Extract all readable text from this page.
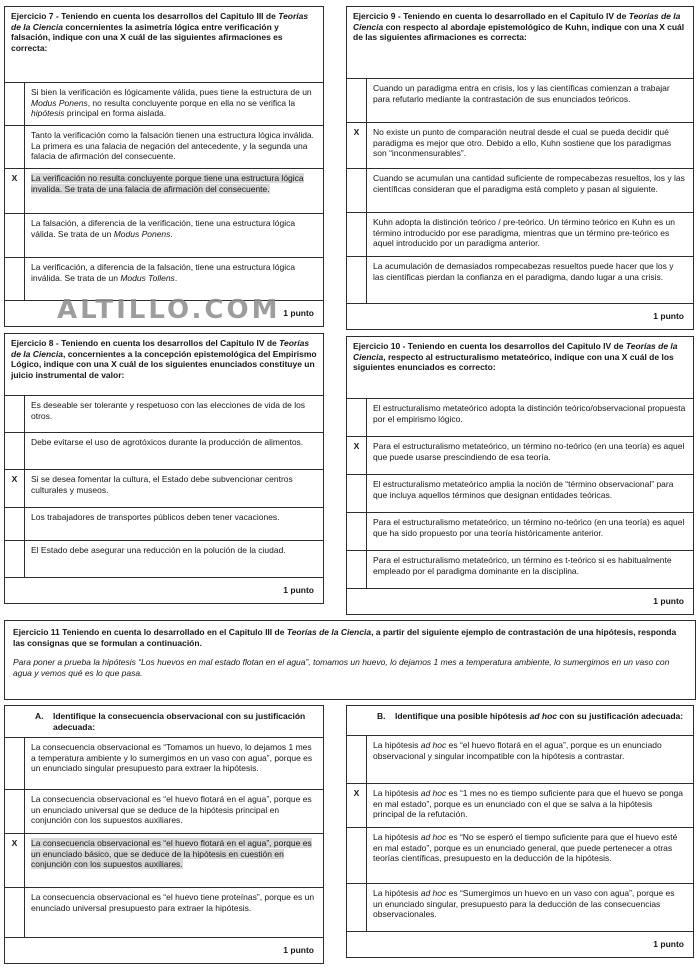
ALTILLO.COM
Ejercicio 7 - Teniendo en cuenta los desarrollos del Capitulo III de Teorías de la Ciencia concernientes la asimetría lógica entre verificación y falsación, indique con una X cuál de las siguientes afirmaciones es correcta:
Si bien la verificación es lógicamente válida, pues tiene la estructura de un Modus Ponens, no resulta concluyente porque en ella no se verifica la hipótesis principal en forma aislada.
Tanto la verificación como la falsación tienen una estructura lógica inválida. La primera es una falacia de negación del antecedente, y la segunda una falacia de afirmación del consecuente.
X	La verificación no resulta concluyente porque tiene una estructura lógica invalida. Se trata de una falacia de afirmación del consecuente.
La falsación, a diferencia de la verificación, tiene una estructura lógica válida. Se trata de un Modus Ponens.
La verificación, a diferencia de la falsación, tiene una estructura lógica inválida. Se trata de un Modus Tollens.
1 punto
Ejercicio 8 - Teniendo en cuenta los desarrollos del Capitulo IV de Teorías de la Ciencia, concernientes a la concepción epistemológica del Empirismo Lógico, indique con una X cuál de los siguientes enunciados constituye un juicio instrumental de valor:
Es deseable ser tolerante y respetuoso con las elecciones de vida de los otros.
Debe evitarse el uso de agrotóxicos durante la producción de alimentos.
X	Si se desea fomentar la cultura, el Estado debe subvencionar centros culturales y museos.
Los trabajadores de transportes públicos deben tener vacaciones.
El Estado debe asegurar una reducción en la polución de la ciudad.
1 punto
Ejercicio 9 - Teniendo en cuenta lo desarrollado en el Capitulo IV de Teorías de la Ciencia con respecto al abordaje epistemológico de Kuhn, indique con una X cuál de las siguientes afirmaciones es correcta:
Cuando un paradigma entra en crisis, los y las científicas comienzan a trabajar para refutarlo mediante la contrastación de sus enunciados teóricos.
X	No existe un punto de comparación neutral desde el cual se pueda decidir qué paradigma es mejor que otro. Debido a ello, Kuhn sostiene que los paradigmas son “inconmensurables”.
Cuando se acumulan una cantidad suficiente de rompecabezas resueltos, los y las científicas consideran que el paradigma está completo y pasan al siguiente.
Kuhn adopta la distinción teórico / pre-teórico. Un término teórico en Kuhn es un término introducido por ese paradigma, mientras que un término pre-teórico es aquel introducido por un paradigma anterior.
La acumulación de demasiados rompecabezas resueltos puede hacer que los y las científicas pierdan la confianza en el paradigma, dando lugar a una crisis.
1 punto
Ejercicio 10 - Teniendo en cuenta los desarrollos del Capitulo IV de Teorías de la Ciencia, respecto al estructuralismo metateórico, indique con una X cuál de los siguientes enunciados es correcto:
El estructuralismo metateórico adopta la distinción teórico/observacional propuesta por el empirismo lógico.
X	Para el estructuralismo metateórico, un término no-teórico (en una teoría) es aquel que puede usarse prescindiendo de esa teoría.
El estructuralismo metateórico amplia la noción de “término observacional” para que incluya aquellos términos que designan entidades teóricas.
Para el estructuralismo metateórico, un término no-teórico (en una teoría) es aquel que ha sido propuesto por una teoría históricamente anterior.
Para el estructuralismo metateórico, un término es t-teórico si es habitualmente empleado por el paradigma dominante en la disciplina.
1 punto
Ejercicio 11 Teniendo en cuenta lo desarrollado en el Capitulo III de Teorías de la Ciencia, a partir del siguiente ejemplo de contrastación de una hipótesis, responda las consignas que se formulan a continuación.
Para poner a prueba la hipótesis “Los huevos en mal estado flotan en el agua”, tomamos un huevo, lo dejamos 1 mes a temperatura ambiente, lo sumergimos en un vaso con agua y vemos qué es lo que pasa.
A.	Identifique la consecuencia observacional con su justificación adecuada:
La consecuencia observacional es “Tomamos un huevo, lo dejamos 1 mes a temperatura ambiente y lo sumergimos en un vaso con agua”, porque es un enunciado singular presupuesto para extraer la hipótesis.
La consecuencia observacional es “el huevo flotará en el agua”, porque es un enunciado universal que se deduce de la hipótesis principal en conjunción con los supuestos auxiliares.
X	La consecuencia observacional es “el huevo flotará en el agua”, porque es un enunciado básico, que se deduce de la hipótesis en cuestión en conjunción con los supuestos auxiliares.
La consecuencia observacional es “el huevo tiene proteínas”, porque es un enunciado universal presupuesto para extraer la hipótesis.
1 punto
B.	Identifique una posible hipótesis ad hoc con su justificación adecuada:
La hipótesis ad hoc es “el huevo flotará en el agua”, porque es un enunciado observacional y singular incompatible con la hipótesis a contrastar.
X	La hipótesis ad hoc es “1 mes no es tiempo suficiente para que el huevo se ponga en mal estado”, porque es un enunciado con el que se salva a la hipótesis principal de la refutación.
La hipótesis ad hoc es “No se esperó el tiempo suficiente para que el huevo esté en mal estado”, porque es un enunciado general, que puede pertenecer a otras teorías científicas, presupuesto en la deducción de la hipótesis.
La hipótesis ad hoc es “Sumergimos un huevo en un vaso con agua”, porque es un enunciado singular, presupuesto para la deducción de las consecuencias observacionales.
1 punto
